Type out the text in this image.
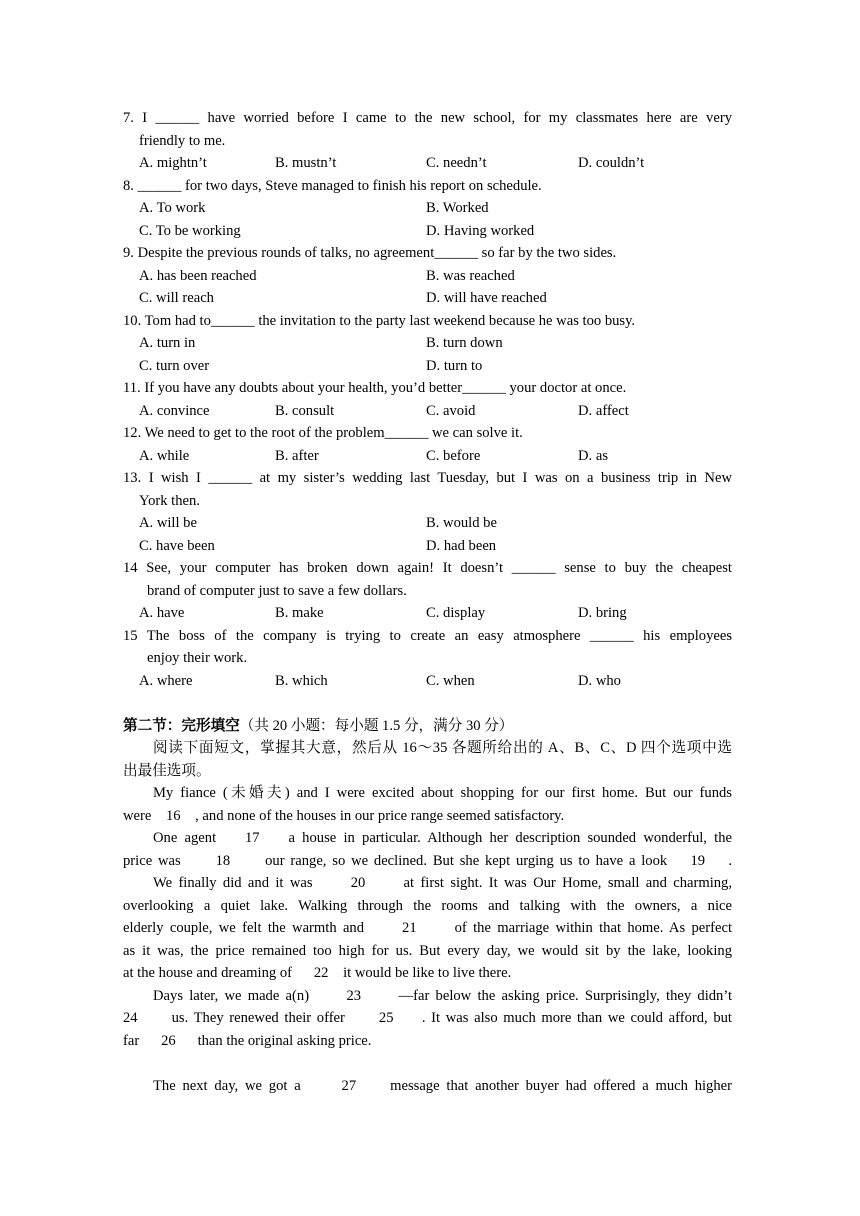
7. I ______ have worried before I came to the new school, for my classmates here are very
friendly to me.
A. mightn’t	B. mustn’t	C. needn’t	D. couldn’t
8. ______ for two days, Steve managed to finish his report on schedule.
A. To work	B. Worked
C. To be working	D. Having worked
9. Despite the previous rounds of talks, no agreement______ so far by the two sides.
A. has been reached	B. was reached
C. will reach	D. will have reached
10. Tom had to______ the invitation to the party last weekend because he was too busy.
A. turn in	B. turn down
C. turn over	D. turn to
11. If you have any doubts about your health, you’d better______ your doctor at once.
A. convince	B. consult	C. avoid	D. affect
12. We need to get to the root of the problem______ we can solve it.
A. while	B. after	C. before	D. as
13. I wish I ______ at my sister’s wedding last Tuesday, but I was on a business trip in New
York then.
A. will be	B. would be
C. have been	D. had been
14 See, your computer has broken down again! It doesn’t ______ sense to buy the cheapest
brand of computer just to save a few dollars.
A. have	B. make	C. display	D. bring
15 The boss of the company is trying to create an easy atmosphere ______ his employees
enjoy their work.
A. where	B. which	C. when	D. who
第二节：完形填空（共 20 小题：每小题 1.5 分，满分 30 分）
阅读下面短文，掌握其大意，然后从 16～35 各题所给出的 A、B、C、D 四个选项中选
出最佳选项。
My fiance (未婚夫) and I were excited about shopping for our first home. But our funds
were    16    , and none of the houses in our price range seemed satisfactory.
One agent    17    a house in particular. Although her description sounded wonderful, the
price was      18      our range, so we declined. But she kept urging us to have a look    19    .
We finally did and it was      20      at first sight. It was Our Home, small and charming,
overlooking a quiet lake. Walking through the rooms and talking with the owners, a nice
elderly couple, we felt the warmth and      21      of the marriage within that home. As perfect
as it was, the price remained too high for us. But every day, we would sit by the lake, looking
at the house and dreaming of      22    it would be like to live there.
Days later, we made a(n)      23      —far below the asking price. Surprisingly, they didn’t
24      us. They renewed their offer      25     . It was also much more than we could afford, but
far      26      than the original asking price.
The next day, we got a      27     message that another buyer had offered a much higher
